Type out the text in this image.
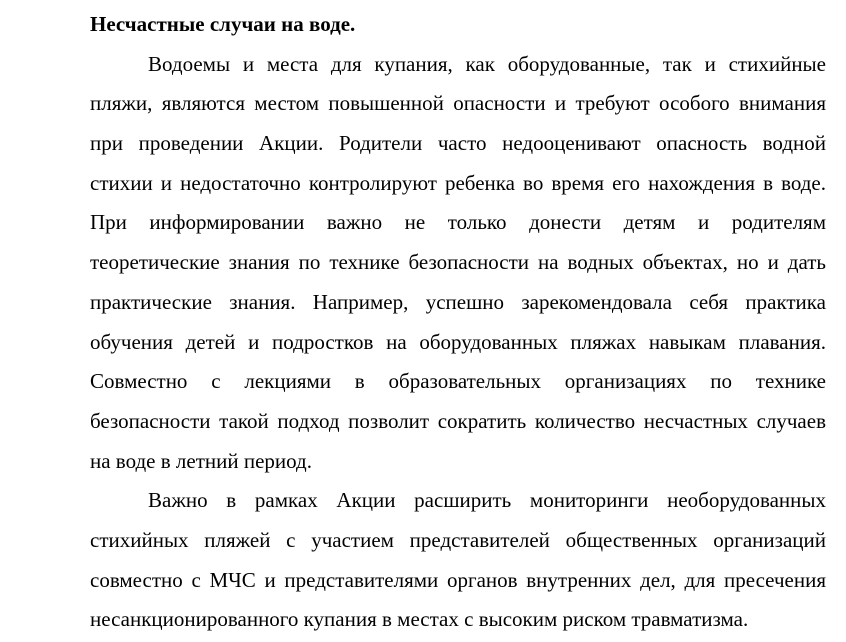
Несчастные случаи на воде.
Водоемы и места для купания, как оборудованные, так и стихийные
пляжи, являются местом повышенной опасности и требуют особого внимания
при проведении Акции. Родители часто недооценивают опасность водной
стихии и недостаточно контролируют ребенка во время его нахождения в воде.
При информировании важно не только донести детям и родителям
теоретические знания по технике безопасности на водных объектах, но и дать
практические знания. Например, успешно зарекомендовала себя практика
обучения детей и подростков на оборудованных пляжах навыкам плавания.
Совместно с лекциями в образовательных организациях по технике
безопасности такой подход позволит сократить количество несчастных случаев
на воде в летний период.
Важно в рамках Акции расширить мониторинги необорудованных
стихийных пляжей с участием представителей общественных организаций
совместно с МЧС и представителями органов внутренних дел, для пресечения
несанкционированного купания в местах с высоким риском травматизма.
